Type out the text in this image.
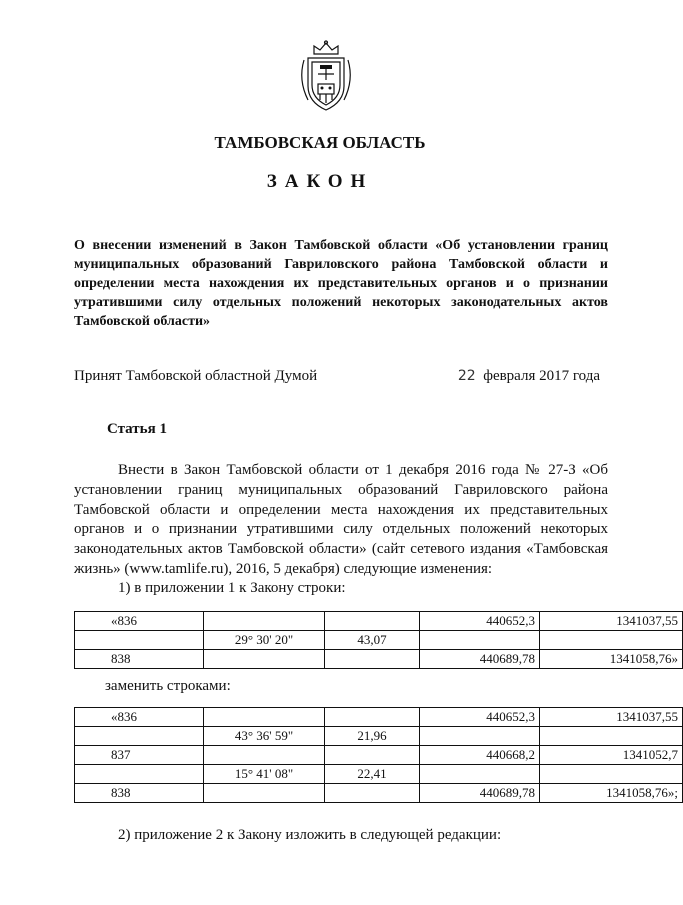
ТАМБОВСКАЯ ОБЛАСТЬ
ЗАКОН
О внесении изменений в Закон Тамбовской области «Об установлении границ муниципальных образований Гавриловского района Тамбовской области и определении места нахождения их представительных органов и о признании утратившими силу отдельных положений некоторых законодательных актов Тамбовской области»
Принят Тамбовской областной Думой	22 февраля 2017 года
Статья 1
Внести в Закон Тамбовской области от 1 декабря 2016 года № 27-З «Об установлении границ муниципальных образований Гавриловского района Тамбовской области и определении места нахождения их представительных органов и о признании утратившими силу отдельных положений некоторых законодательных актов Тамбовской области» (сайт сетевого издания «Тамбовская жизнь» (www.tamlife.ru), 2016, 5 декабря) следующие изменения:
1) в приложении 1 к Закону строки:
«836			440652,3	1341037,55
	29° 30' 20"	43,07		
838			440689,78	1341058,76»
заменить строками:
«836			440652,3	1341037,55
	43° 36' 59"	21,96		
837			440668,2	1341052,7
	15° 41' 08"	22,41		
838			440689,78	1341058,76»;
2) приложение 2 к Закону изложить в следующей редакции:
